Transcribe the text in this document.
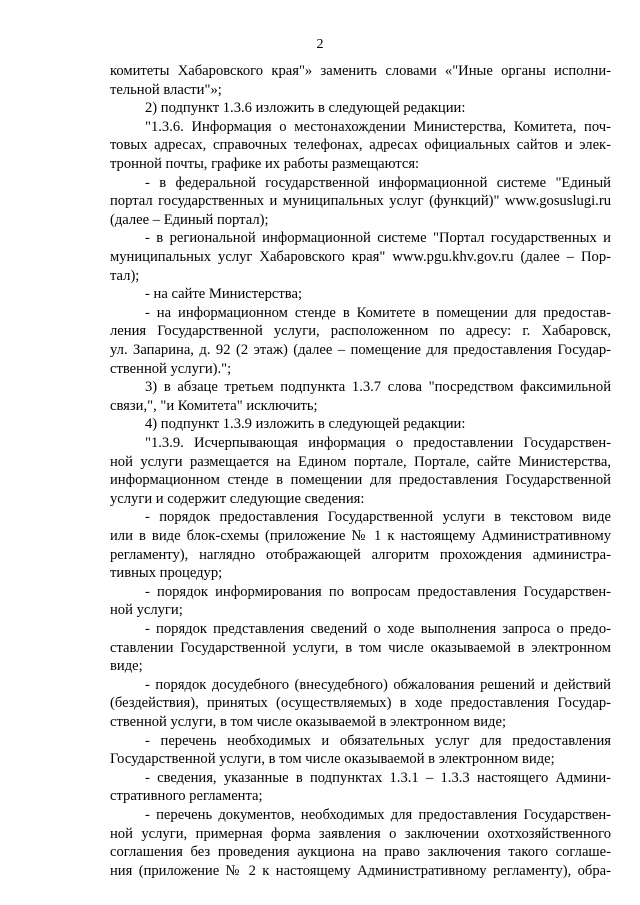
2
комитеты Хабаровского края"» заменить словами «"Иные органы исполни-
тельной власти"»;
2) подпункт 1.3.6 изложить в следующей редакции:
"1.3.6. Информация о местонахождении Министерства, Комитета, поч-
товых адресах, справочных телефонах, адресах официальных сайтов и элек-
тронной почты, графике их работы размещаются:
- в федеральной государственной информационной системе "Единый
портал государственных и муниципальных услуг (функций)" www.gosuslugi.ru
(далее – Единый портал);
- в региональной информационной системе "Портал государственных и
муниципальных услуг Хабаровского края" www.pgu.khv.gov.ru (далее – Пор-
тал);
- на сайте Министерства;
- на информационном стенде в Комитете в помещении для предостав-
ления Государственной услуги, расположенном по адресу: г. Хабаровск,
ул. Запарина, д. 92 (2 этаж) (далее – помещение для предоставления Государ-
ственной услуги).";
3) в абзаце третьем подпункта 1.3.7 слова "посредством факсимильной
связи,", "и Комитета" исключить;
4) подпункт 1.3.9 изложить в следующей редакции:
"1.3.9. Исчерпывающая информация о предоставлении Государствен-
ной услуги размещается на Едином портале, Портале, сайте Министерства,
информационном стенде в помещении для предоставления Государственной
услуги и содержит следующие сведения:
- порядок предоставления Государственной услуги в текстовом виде
или в виде блок-схемы (приложение № 1 к настоящему Административному
регламенту), наглядно отображающей алгоритм прохождения администра-
тивных процедур;
- порядок информирования по вопросам предоставления Государствен-
ной услуги;
- порядок представления сведений о ходе выполнения запроса о предо-
ставлении Государственной услуги, в том числе оказываемой в электронном
виде;
- порядок досудебного (внесудебного) обжалования решений и действий
(бездействия), принятых (осуществляемых) в ходе предоставления Государ-
ственной услуги, в том числе оказываемой в электронном виде;
- перечень необходимых и обязательных услуг для предоставления
Государственной услуги, в том числе оказываемой в электронном виде;
- сведения, указанные в подпунктах 1.3.1 – 1.3.3 настоящего Админи-
стративного регламента;
- перечень документов, необходимых для предоставления Государствен-
ной услуги, примерная форма заявления о заключении охотхозяйственного
соглашения без проведения аукциона на право заключения такого соглаше-
ния (приложение № 2 к настоящему Административному регламенту), обра-
